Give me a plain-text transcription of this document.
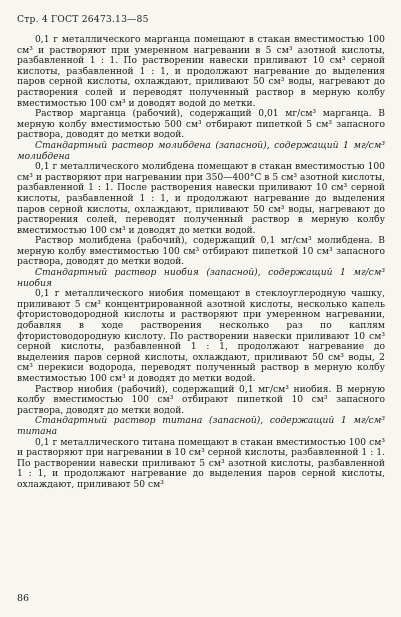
Стр. 4 ГОСТ 26473.13—85

0,1 г металлического марганца помещают в стакан вместимостью 100 см³ и растворяют при умеренном нагревании в 5 см³ азотной кислоты, разбавленной 1 : 1. По растворении навески приливают 10 см³ серной кислоты, разбавленной 1 : 1, и продолжают нагревание до выделения паров серной кислоты, охлаждают, приливают 50 см³ воды, нагревают до растворения солей и переводят полученный раствор в мерную колбу вместимостью 100 см³ и доводят водой до метки.

Раствор марганца (рабочий), содержащий 0,01 мг/см³ марганца. В мерную колбу вместимостью 500 см³ отбирают пипеткой 5 см³ запасного раствора, доводят до метки водой.

Стандартный раствор молибдена (запасной), содержащий 1 мг/см³ молибдена

0,1 г металлического молибдена помещают в стакан вместимостью 100 см³ и растворяют при нагревании при 350—400°С в 5 см³ азотной кислоты, разбавленной 1 : 1. После растворения навески приливают 10 см³ серной кислоты, разбавленной 1 : 1, и продолжают нагревание до выделения паров серной кислоты, охлаждают, приливают 50 см³ воды, нагревают до растворения солей, переводят полученный раствор в мерную колбу вместимостью 100 см³ и доводят до метки водой.

Раствор молибдена (рабочий), содержащий 0,1 мг/см³ молибдена. В мерную колбу вместимостью 100 см³ отбирают пипеткой 10 см³ запасного раствора, доводят до метки водой.

Стандартный раствор ниобия (запасной), содержащий 1 мг/см³ ниобия

0,1 г металлического ниобия помещают в стеклоуглеродную чашку, приливают 5 см³ концентрированной азотной кислоты, несколько капель фтористоводородной кислоты и растворяют при умеренном нагревании, добавляя в ходе растворения несколько раз по каплям фтористоводородную кислоту. По растворении навески приливают 10 см³ серной кислоты, разбавленной 1 : 1, продолжают нагревание до выделения паров серной кислоты, охлаждают, приливают 50 см³ воды, 2 см³ перекиси водорода, переводят полученный раствор в мерную колбу вместимостью 100 см³ и доводят до метки водой.

Раствор ниобия (рабочий), содержащий 0,1 мг/см³ ниобия. В мерную колбу вместимостью 100 см³ отбирают пипеткой 10 см³ запасного раствора, доводят до метки водой.

Стандартный раствор титана (запасной), содержащий 1 мг/см³ титана

0,1 г металлического титана помещают в стакан вместимостью 100 см³ и растворяют при нагревании в 10 см³ серной кислоты, разбавленной 1 : 1. По растворении навески приливают 5 см³ азотной кислоты, разбавленной 1 : 1, и продолжают нагревание до выделения паров серной кислоты, охлаждают, приливают 50 см³

86
